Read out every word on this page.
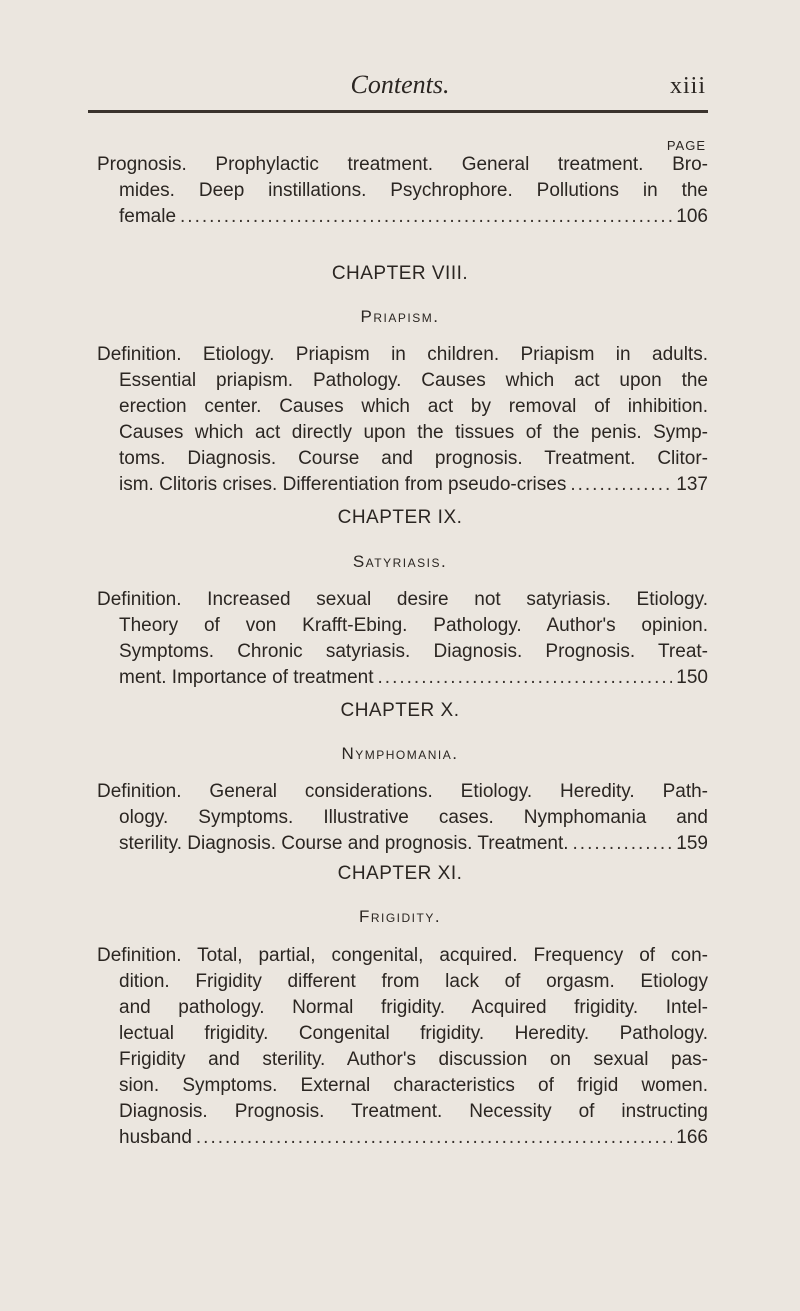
Contents.	xiii
PAGE
Prognosis. Prophylactic treatment. General treatment. Bro-
mides. Deep instillations. Psychrophore. Pollutions in the
female .....	106
CHAPTER VIII.
Priapism.
Definition. Etiology. Priapism in children. Priapism in adults.
Essential priapism. Pathology. Causes which act upon the
erection center. Causes which act by removal of inhibition.
Causes which act directly upon the tissues of the penis. Symp-
toms. Diagnosis. Course and prognosis. Treatment. Clitor-
ism. Clitoris crises. Differentiation from pseudo-crises .....	137
CHAPTER IX.
Satyriasis.
Definition. Increased sexual desire not satyriasis. Etiology.
Theory of von Krafft-Ebing. Pathology. Author's opinion.
Symptoms. Chronic satyriasis. Diagnosis. Prognosis. Treat-
ment. Importance of treatment .....	150
CHAPTER X.
Nymphomania.
Definition. General considerations. Etiology. Heredity. Path-
ology. Symptoms. Illustrative cases. Nymphomania and
sterility. Diagnosis. Course and prognosis. Treatment. .....	159
CHAPTER XI.
Frigidity.
Definition. Total, partial, congenital, acquired. Frequency of con-
dition. Frigidity different from lack of orgasm. Etiology
and pathology. Normal frigidity. Acquired frigidity. Intel-
lectual frigidity. Congenital frigidity. Heredity. Pathology.
Frigidity and sterility. Author's discussion on sexual pas-
sion. Symptoms. External characteristics of frigid women.
Diagnosis. Prognosis. Treatment. Necessity of instructing
husband .....	166
